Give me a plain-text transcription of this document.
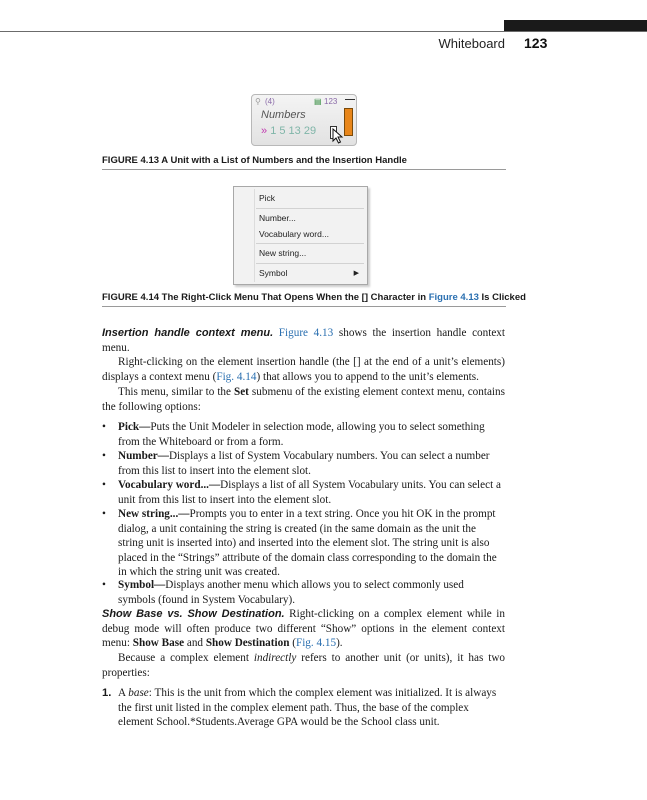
Whiteboard 123
⚲ (4)	▤ 123 —
Numbers
» 1 5 13 29
FIGURE 4.13 A Unit with a List of Numbers and the Insertion Handle
Pick
Number...
Vocabulary word...
New string...
Symbol	▶
FIGURE 4.14 The Right-Click Menu That Opens When the [] Character in Figure 4.13 Is Clicked

Insertion handle context menu. Figure 4.13 shows the insertion handle context menu.

Right-clicking on the element insertion handle (the [] at the end of a unit’s elements) displays a context menu (Fig. 4.14) that allows you to append to the unit’s elements.

This menu, similar to the Set submenu of the existing element context menu, contains the following options:

• Pick—Puts the Unit Modeler in selection mode, allowing you to select something from the Whiteboard or from a form.
• Number—Displays a list of System Vocabulary numbers. You can select a number from this list to insert into the element slot.
• Vocabulary word...—Displays a list of all System Vocabulary units. You can select a unit from this list to insert into the element slot.
• New string...—Prompts you to enter in a text string. Once you hit OK in the prompt dialog, a unit containing the string is created (in the same domain as the unit the string unit is inserted into) and inserted into the element slot. The string unit is also placed in the “Strings” attribute of the domain class corresponding to the domain the in which the string unit was created.
• Symbol—Displays another menu which allows you to select commonly used symbols (found in System Vocabulary).

Show Base vs. Show Destination. Right-clicking on a complex element while in debug mode will often produce two different “Show” options in the element context menu: Show Base and Show Destination (Fig. 4.15).

Because a complex element indirectly refers to another unit (or units), it has two properties:

1. A base: This is the unit from which the complex element was initialized. It is always the first unit listed in the complex element path. Thus, the base of the complex element School.*Students.Average GPA would be the School class unit.
